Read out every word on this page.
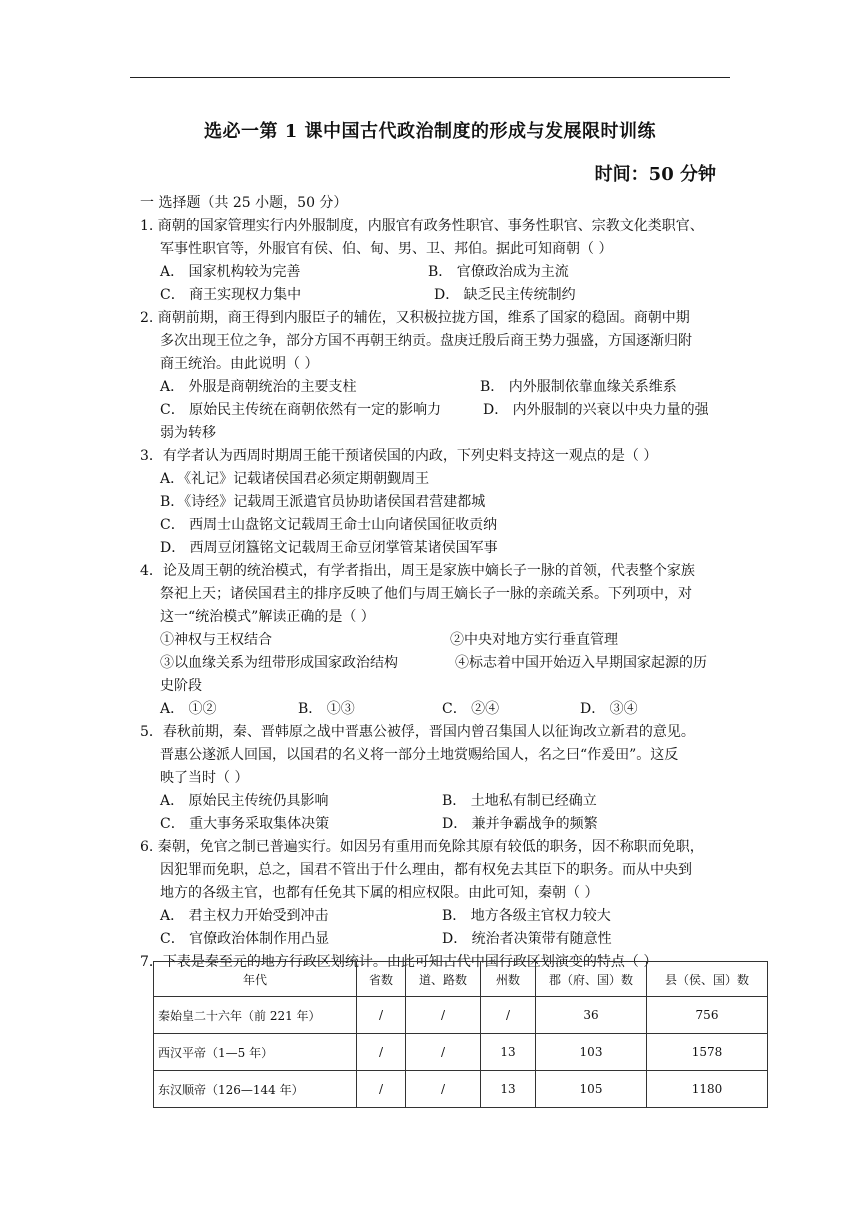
选必一第 1 课中国古代政治制度的形成与发展限时训练
时间：50 分钟
一 选择题（共 25 小题，50 分）
1. 商朝的国家管理实行内外服制度，内服官有政务性职官、事务性职官、宗教文化类职官、
军事性职官等，外服官有侯、伯、甸、男、卫、邦伯。据此可知商朝（ ）
A． 国家机构较为完善	B． 官僚政治成为主流
C． 商王实现权力集中	D． 缺乏民主传统制约
2. 商朝前期，商王得到内服臣子的辅佐，又积极拉拢方国，维系了国家的稳固。商朝中期
多次出现王位之争，部分方国不再朝王纳贡。盘庚迁殷后商王势力强盛，方国逐渐归附
商王统治。由此说明（ ）
A． 外服是商朝统治的主要支柱	B． 内外服制依靠血缘关系维系
C． 原始民主传统在商朝依然有一定的影响力	D． 内外服制的兴衰以中央力量的强
弱为转移
3．有学者认为西周时期周王能干预诸侯国的内政，下列史料支持这一观点的是（ ）
A．《礼记》记载诸侯国君必须定期朝觐周王
B．《诗经》记载周王派遣官员协助诸侯国君营建都城
C． 西周士山盘铭文记载周王命士山向诸侯国征收贡纳
D． 西周豆闭簋铭文记载周王命豆闭掌管某诸侯国军事
4．论及周王朝的统治模式，有学者指出，周王是家族中嫡长子一脉的首领，代表整个家族
祭祀上天；诸侯国君主的排序反映了他们与周王嫡长子一脉的亲疏关系。下列项中，对
这一“统治模式”解读正确的是（ ）
①神权与王权结合	②中央对地方实行垂直管理
③以血缘关系为纽带形成国家政治结构	④标志着中国开始迈入早期国家起源的历
史阶段
A． ①②	B． ①③	C． ②④	D． ③④
5．春秋前期，秦、晋韩原之战中晋惠公被俘，晋国内曾召集国人以征询改立新君的意见。
晋惠公遂派人回国，以国君的名义将一部分土地赏赐给国人，名之曰“作爰田”。这反
映了当时（ ）
A． 原始民主传统仍具影响	B． 土地私有制已经确立
C． 重大事务采取集体决策	D． 兼并争霸战争的频繁
6. 秦朝，免官之制已普遍实行。如因另有重用而免除其原有较低的职务，因不称职而免职，
因犯罪而免职，总之，国君不管出于什么理由，都有权免去其臣下的职务。而从中央到
地方的各级主官，也都有任免其下属的相应权限。由此可知，秦朝（ ）
A． 君主权力开始受到冲击	B． 地方各级主官权力较大
C． 官僚政治体制作用凸显	D． 统治者决策带有随意性
7．下表是秦至元的地方行政区划统计。由此可知古代中国行政区划演变的特点（ ）
年代	省数	道、路数	州数	郡（府、国）数	县（侯、国）数
秦始皇二十六年（前 221 年）	/	/	/	36	756
西汉平帝（1—5 年）	/	/	13	103	1578
东汉顺帝（126—144 年）	/	/	13	105	1180
